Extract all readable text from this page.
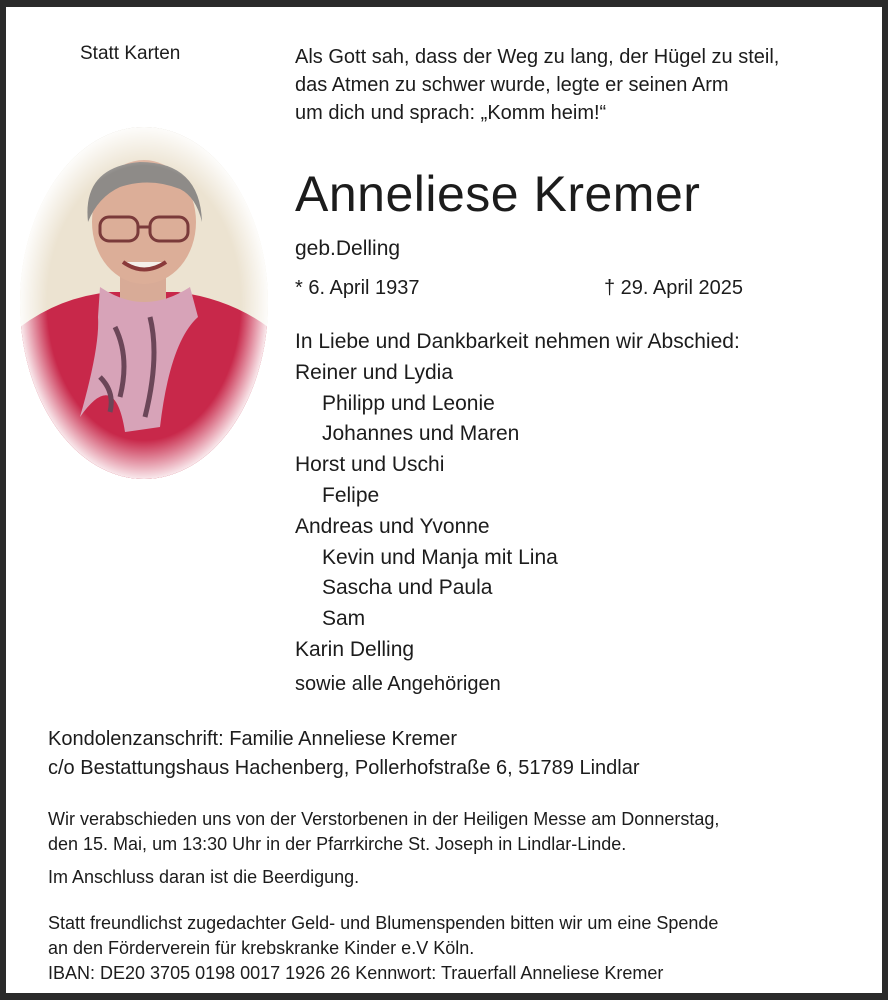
Statt Karten	Als Gott sah, dass der Weg zu lang, der Hügel zu steil,
das Atmen zu schwer wurde, legte er seinen Arm
um dich und sprach: „Komm heim!“
Anneliese Kremer
geb.Delling
* 6. April 1937	† 29. April 2025
In Liebe und Dankbarkeit nehmen wir Abschied:
Reiner und Lydia
Philipp und Leonie
Johannes und Maren
Horst und Uschi
Felipe
Andreas und Yvonne
Kevin und Manja mit Lina
Sascha und Paula
Sam
Karin Delling
sowie alle Angehörigen
Kondolenzanschrift: Familie Anneliese Kremer
c/o Bestattungshaus Hachenberg, Pollerhofstraße 6, 51789 Lindlar
Wir verabschieden uns von der Verstorbenen in der Heiligen Messe am Donnerstag,
den 15. Mai, um 13:30 Uhr in der Pfarrkirche St. Joseph in Lindlar-Linde.
Im Anschluss daran ist die Beerdigung.
Statt freundlichst zugedachter Geld- und Blumenspenden bitten wir um eine Spende
an den Förderverein für krebskranke Kinder e.V Köln.
IBAN: DE20 3705 0198 0017 1926 26 Kennwort: Trauerfall Anneliese Kremer
